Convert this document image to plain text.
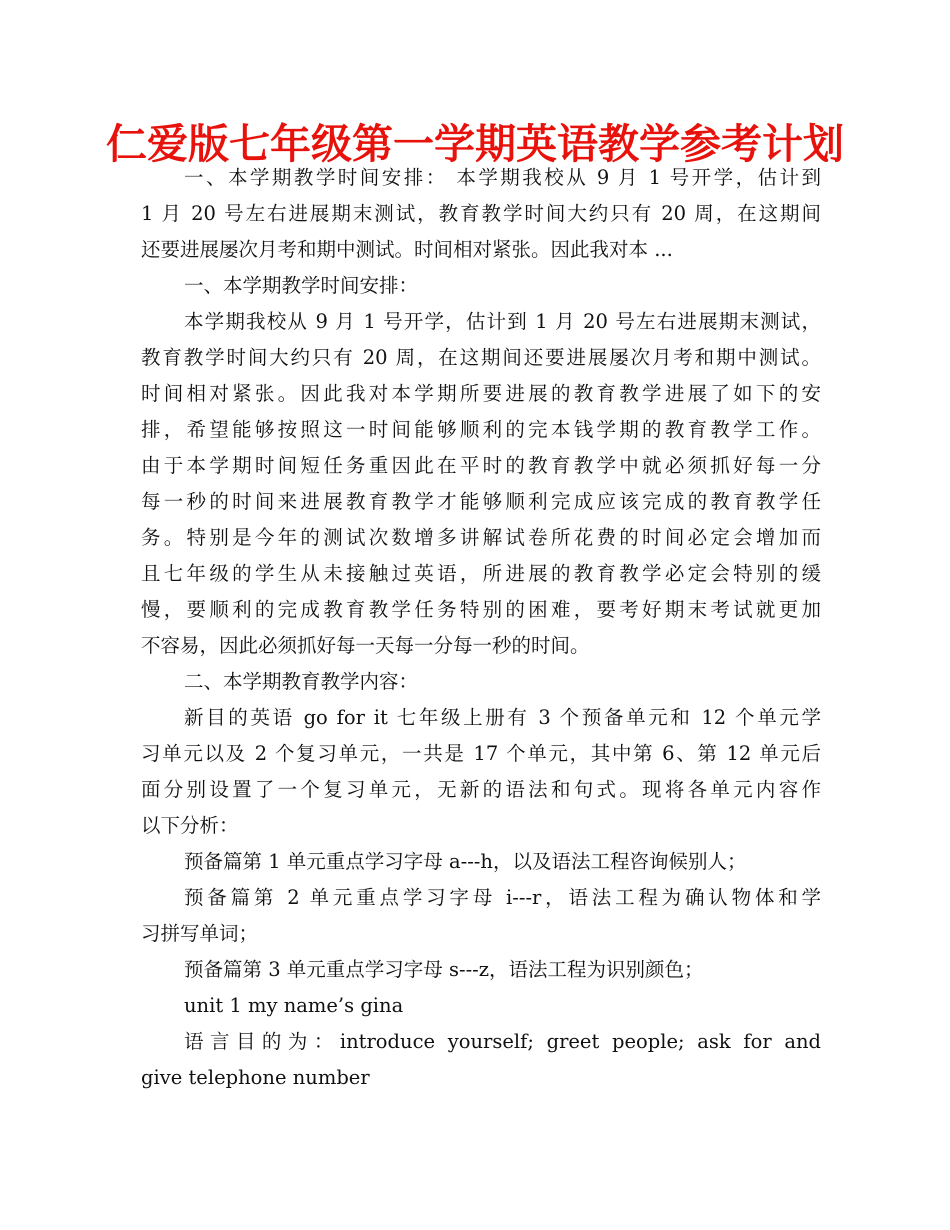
仁爱版七年级第一学期英语教学参考计划
一、本学期教学时间安排： 本学期我校从 9 月 1 号开学，估计到
1 月 20 号左右进展期末测试，教育教学时间大约只有 20 周，在这期间
还要进展屡次月考和期中测试。时间相对紧张。因此我对本 ...
一、本学期教学时间安排：
本学期我校从 9 月 1 号开学，估计到 1 月 20 号左右进展期末测试，
教育教学时间大约只有 20 周，在这期间还要进展屡次月考和期中测试。
时间相对紧张。因此我对本学期所要进展的教育教学进展了如下的安
排，希望能够按照这一时间能够顺利的完本钱学期的教育教学工作。
由于本学期时间短任务重因此在平时的教育教学中就必须抓好每一分
每一秒的时间来进展教育教学才能够顺利完成应该完成的教育教学任
务。特别是今年的测试次数增多讲解试卷所花费的时间必定会增加而
且七年级的学生从未接触过英语，所进展的教育教学必定会特别的缓
慢，要顺利的完成教育教学任务特别的困难，要考好期末考试就更加
不容易，因此必须抓好每一天每一分每一秒的时间。
二、本学期教育教学内容：
新目的英语 go for it 七年级上册有 3 个预备单元和 12 个单元学
习单元以及 2 个复习单元，一共是 17 个单元，其中第 6、第 12 单元后
面分别设置了一个复习单元，无新的语法和句式。现将各单元内容作
以下分析：
预备篇第 1 单元重点学习字母 a---h，以及语法工程咨询候别人；
预备篇第 2 单元重点学习字母 i---r，语法工程为确认物体和学
习拼写单词；
预备篇第 3 单元重点学习字母 s---z，语法工程为识别颜色；
unit 1 my name’s gina
语言目的为：introduce yourself; greet people; ask for and
give telephone number
